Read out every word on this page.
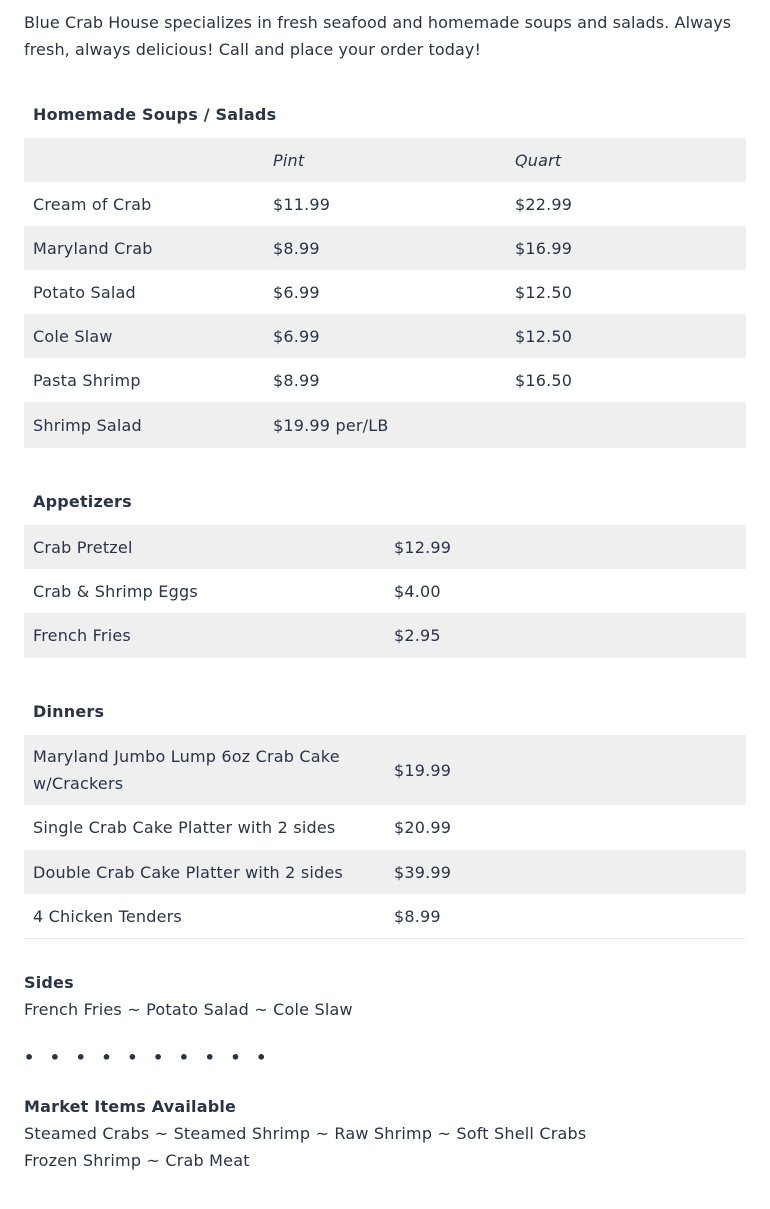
Blue Crab House specializes in fresh seafood and homemade soups and salads. Always fresh, always delicious! Call and place your order today!

Homemade Soups / Salads
	Pint	Quart
Cream of Crab	$11.99	$22.99
Maryland Crab	$8.99	$16.99
Potato Salad	$6.99	$12.50
Cole Slaw	$6.99	$12.50
Pasta Shrimp	$8.99	$16.50
Shrimp Salad	$19.99 per/LB	
Appetizers
Crab Pretzel	$12.99
Crab & Shrimp Eggs	$4.00
French Fries	$2.95
Dinners
Maryland Jumbo Lump 6oz Crab Cake w/Crackers	$19.99
Single Crab Cake Platter with 2 sides	$20.99
Double Crab Cake Platter with 2 sides	$39.99
4 Chicken Tenders	$8.99
Sides
French Fries ~ Potato Salad ~ Cole Slaw
• • • • • • • • • •
Market Items Available
Steamed Crabs ~ Steamed Shrimp ~ Raw Shrimp ~ Soft Shell Crabs
Frozen Shrimp ~ Crab Meat
